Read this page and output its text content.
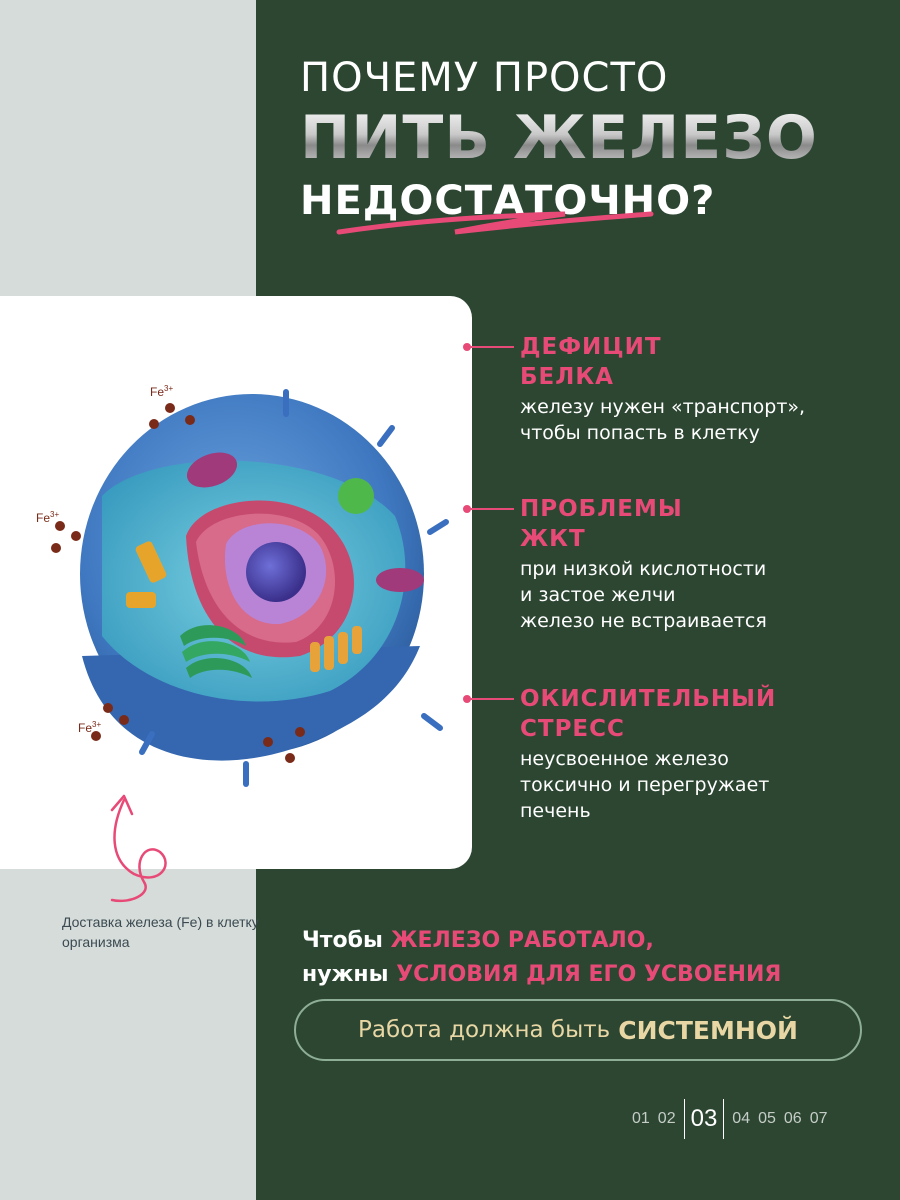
ПОЧЕМУ ПРОСТО
ПИТЬ ЖЕЛЕЗО
НЕДОСТАТОЧНО?
$Fe^{3+}$
$Fe^{3+}$
$Fe^{3+}$
Доставка железа (Fe) в клетку организма
ДЕФИЦИТ
БЕЛКА
железу нужен «транспорт»,
чтобы попасть в клетку
ПРОБЛЕМЫ
ЖКТ
при низкой кислотности
и застое желчи
железо не встраивается
ОКИСЛИТЕЛЬНЫЙ
СТРЕСС
неусвоенное железо
токсично и перегружает
печень
Чтобы ЖЕЛЕЗО РАБОТАЛО,
нужны УСЛОВИЯ ДЛЯ ЕГО УСВОЕНИЯ
Работа должна быть СИСТЕМНОЙ
01 02 03 04 05 06 07
